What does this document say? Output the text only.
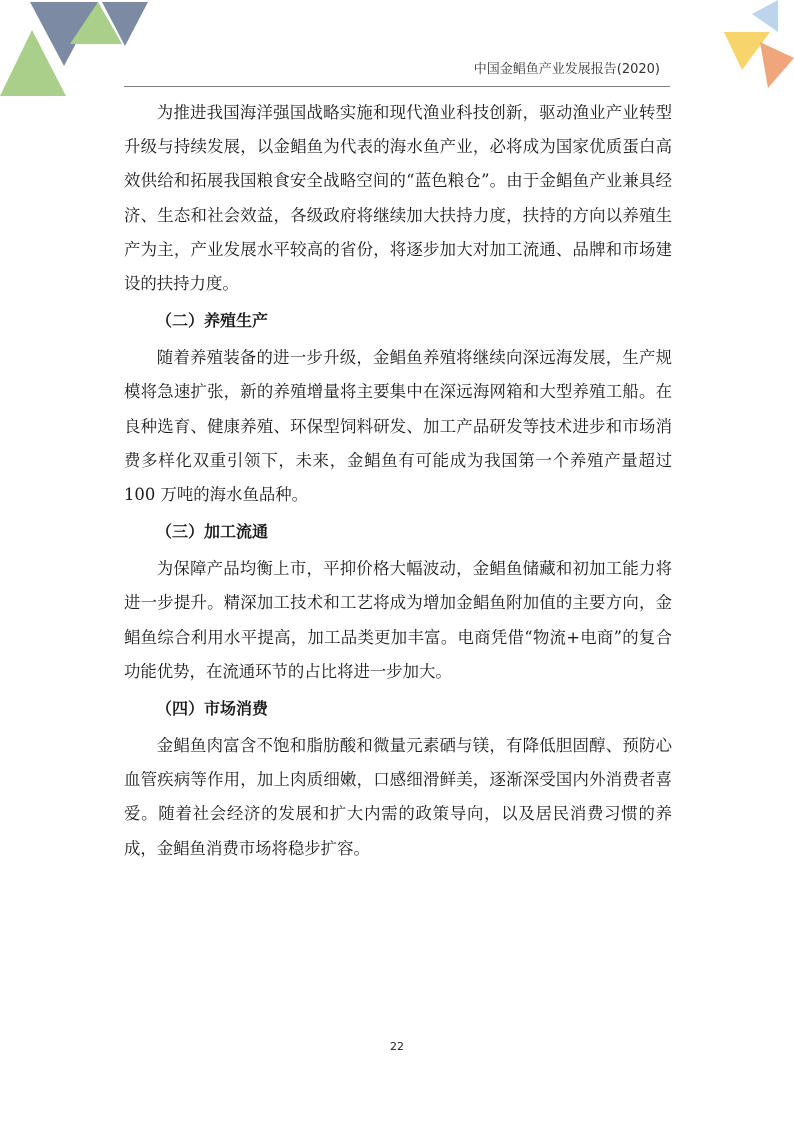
中国金鲳鱼产业发展报告(2020)

为推进我国海洋强国战略实施和现代渔业科技创新，驱动渔业产业转型升级与持续发展，以金鲳鱼为代表的海水鱼产业，必将成为国家优质蛋白高效供给和拓展我国粮食安全战略空间的“蓝色粮仓”。由于金鲳鱼产业兼具经济、生态和社会效益，各级政府将继续加大扶持力度，扶持的方向以养殖生产为主，产业发展水平较高的省份，将逐步加大对加工流通、品牌和市场建设的扶持力度。

（二）养殖生产

随着养殖装备的进一步升级，金鲳鱼养殖将继续向深远海发展，生产规模将急速扩张，新的养殖增量将主要集中在深远海网箱和大型养殖工船。在良种选育、健康养殖、环保型饲料研发、加工产品研发等技术进步和市场消费多样化双重引领下，未来，金鲳鱼有可能成为我国第一个养殖产量超过 100 万吨的海水鱼品种。

（三）加工流通

为保障产品均衡上市，平抑价格大幅波动，金鲳鱼储藏和初加工能力将进一步提升。精深加工技术和工艺将成为增加金鲳鱼附加值的主要方向，金鲳鱼综合利用水平提高，加工品类更加丰富。电商凭借“物流+电商”的复合功能优势，在流通环节的占比将进一步加大。

（四）市场消费

金鲳鱼肉富含不饱和脂肪酸和微量元素硒与镁，有降低胆固醇、预防心血管疾病等作用，加上肉质细嫩，口感细滑鲜美，逐渐深受国内外消费者喜爱。随着社会经济的发展和扩大内需的政策导向，以及居民消费习惯的养成，金鲳鱼消费市场将稳步扩容。

22
